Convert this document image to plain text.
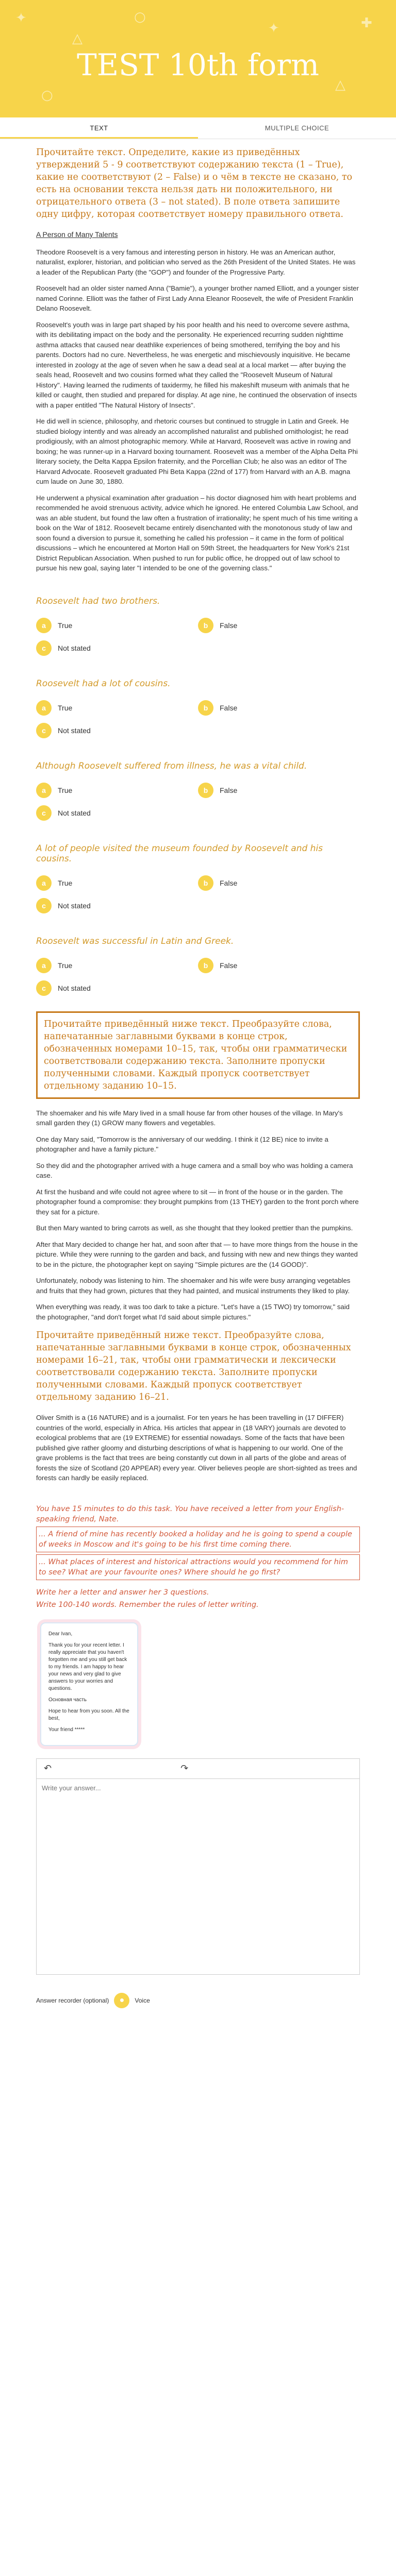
✦
△
○
✦
△
○
✚
TEST 10th form
TEXT	MULTIPLE CHOICE
Прочитайте текст. Определите, какие из приведённых утверждений 5 - 9 соответствуют содержанию текста (1 – True), какие не соответствуют (2 – False) и о чём в тексте не сказано, то есть на основании текста нельзя дать ни положительного, ни отрицательного ответа (3 – not stated). В поле ответа запишите одну цифру, которая соответствует номеру правильного ответа.
A Person of Many Talents

Theodore Roosevelt is a very famous and interesting person in history. He was an American author, naturalist, explorer, historian, and politician who served as the 26th President of the United States. He was a leader of the Republican Party (the "GOP") and founder of the Progressive Party.

Roosevelt had an older sister named Anna ("Bamie"), a younger brother named Elliott, and a younger sister named Corinne. Elliott was the father of First Lady Anna Eleanor Roosevelt, the wife of President Franklin Delano Roosevelt.

Roosevelt's youth was in large part shaped by his poor health and his need to overcome severe asthma, with its debilitating impact on the body and the personality. He experienced recurring sudden nighttime asthma attacks that caused near deathlike experiences of being smothered, terrifying the boy and his parents. Doctors had no cure. Nevertheless, he was energetic and mischievously inquisitive. He became interested in zoology at the age of seven when he saw a dead seal at a local market — after buying the seals head, Roosevelt and two cousins formed what they called the "Roosevelt Museum of Natural History". Having learned the rudiments of taxidermy, he filled his makeshift museum with animals that he killed or caught, then studied and prepared for display. At age nine, he continued the observation of insects with a paper entitled "The Natural History of Insects".

He did well in science, philosophy, and rhetoric courses but continued to struggle in Latin and Greek. He studied biology intently and was already an accomplished naturalist and published ornithologist; he read prodigiously, with an almost photographic memory. While at Harvard, Roosevelt was active in rowing and boxing; he was runner-up in a Harvard boxing tournament. Roosevelt was a member of the Alpha Delta Phi literary society, the Delta Kappa Epsilon fraternity, and the Porcellian Club; he also was an editor of The Harvard Advocate. Roosevelt graduated Phi Beta Kappa (22nd of 177) from Harvard with an A.B. magna cum laude on June 30, 1880.

He underwent a physical examination after graduation – his doctor diagnosed him with heart problems and recommended he avoid strenuous activity, advice which he ignored. He entered Columbia Law School, and was an able student, but found the law often a frustration of irrationality; he spent much of his time writing a book on the War of 1812. Roosevelt became entirely disenchanted with the monotonous study of law and soon found a diversion to pursue it, something he called his profession – it came in the form of political discussions – which he encountered at Morton Hall on 59th Street, the headquarters for New York's 21st District Republican Association. When pushed to run for public office, he dropped out of law school to pursue his new goal, saying later "I intended to be one of the governing class."

Roosevelt had two brothers.
a	True	b	False
c	Not stated
Roosevelt had a lot of cousins.
a	True	b	False
c	Not stated
Although Roosevelt suffered from illness, he was a vital child.
a	True	b	False
c	Not stated
A lot of people visited the museum founded by Roosevelt and his cousins.
a	True	b	False
c	Not stated
Roosevelt was successful in Latin and Greek.
a	True	b	False
c	Not stated
Прочитайте приведённый ниже текст. Преобразуйте слова, напечатанные заглавными буквами в конце строк, обозначенных номерами 10–15, так, чтобы они грамматически соответствовали содержанию текста. Заполните пропуски полученными словами. Каждый пропуск соответствует отдельному заданию 10–15.

The shoemaker and his wife Mary lived in a small house far from other houses of the village. In Mary's small garden they (1) GROW many flowers and vegetables.

One day Mary said, "Tomorrow is the anniversary of our wedding. I think it (12 BE) nice to invite a photographer and have a family picture."

So they did and the photographer arrived with a huge camera and a small boy who was holding a camera case.

At first the husband and wife could not agree where to sit — in front of the house or in the garden. The photographer found a compromise: they brought pumpkins from (13 THEY) garden to the front porch where they sat for a picture.

But then Mary wanted to bring carrots as well, as she thought that they looked prettier than the pumpkins.

After that Mary decided to change her hat, and soon after that — to have more things from the house in the picture. While they were running to the garden and back, and fussing with new and new things they wanted to be in the picture, the photographer kept on saying "Simple pictures are the (14 GOOD)".

Unfortunately, nobody was listening to him. The shoemaker and his wife were busy arranging vegetables and fruits that they had grown, pictures that they had painted, and musical instruments they liked to play.

When everything was ready, it was too dark to take a picture. "Let's have a (15 TWO) try tomorrow," said the photographer, "and don't forget what I'd said about simple pictures."

Прочитайте приведённый ниже текст. Преобразуйте слова, напечатанные заглавными буквами в конце строк, обозначенных номерами 16–21, так, чтобы они грамматически и лексически соответствовали содержанию текста. Заполните пропуски полученными словами. Каждый пропуск соответствует отдельному заданию 16–21.

Oliver Smith is a (16 NATURE) and is a journalist. For ten years he has been travelling in (17 DIFFER) countries of the world, especially in Africa. His articles that appear in (18 VARY) journals are devoted to ecological problems that are (19 EXTREME) for essential nowadays. Some of the facts that have been published give rather gloomy and disturbing descriptions of what is happening to our world. One of the grave problems is the fact that trees are being constantly cut down in all parts of the globe and areas of forests the size of Scotland (20 APPEAR) every year. Oliver believes people are short-sighted as trees and forests can hardly be easily replaced.

You have 15 minutes to do this task. You have received a letter from your English-speaking friend, Nate.

... A friend of mine has recently booked a holiday and he is going to spend a couple of weeks in Moscow and it's going to be his first time coming there.

... What places of interest and historical attractions would you recommend for him to see? What are your favourite ones? Where should he go first?

Write her a letter and answer her 3 questions.

Write 100-140 words. Remember the rules of letter writing.

Dear Ivan,

Thank you for your recent letter. I really appreciate that you haven't forgotten me and you still get back to my friends. I am happy to hear your news and very glad to give answers to your worries and questions.

Основная часть

Hope to hear from you soon. All the best,

Your friend *****

↶	↷
Write your answer...
Answer recorder (optional)	●	Voice
